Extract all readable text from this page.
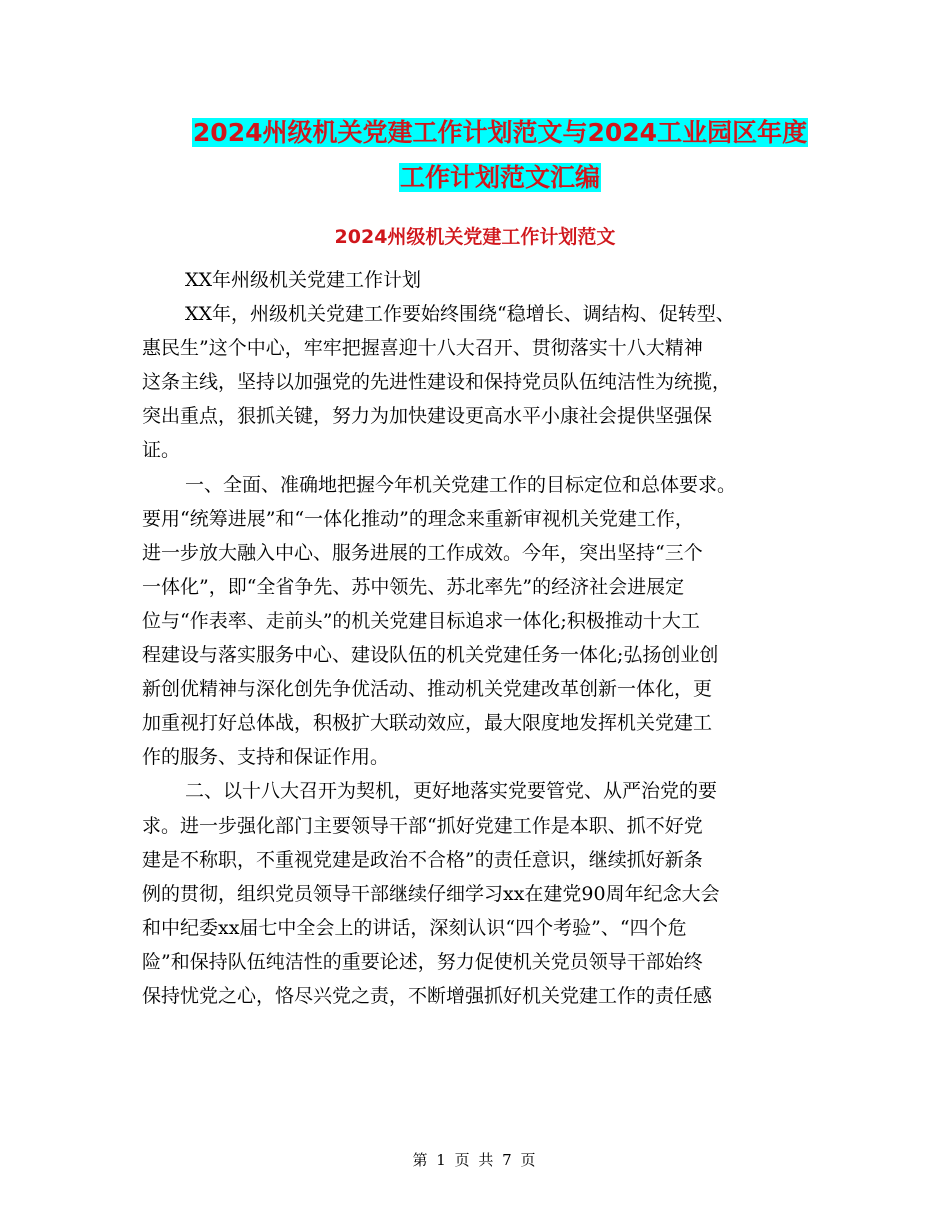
2024州级机关党建工作计划范文与2024工业园区年度
工作计划范文汇编
2024州级机关党建工作计划范文
XX年州级机关党建工作计划
XX年，州级机关党建工作要始终围绕“稳增长、调结构、促转型、
惠民生”这个中心，牢牢把握喜迎十八大召开、贯彻落实十八大精神
这条主线，坚持以加强党的先进性建设和保持党员队伍纯洁性为统揽，
突出重点，狠抓关键，努力为加快建设更高水平小康社会提供坚强保
证。
一、全面、准确地把握今年机关党建工作的目标定位和总体要求。
要用“统筹进展”和“一体化推动”的理念来重新审视机关党建工作，
进一步放大融入中心、服务进展的工作成效。今年，突出坚持“三个
一体化”，即“全省争先、苏中领先、苏北率先”的经济社会进展定
位与“作表率、走前头”的机关党建目标追求一体化;积极推动十大工
程建设与落实服务中心、建设队伍的机关党建任务一体化;弘扬创业创
新创优精神与深化创先争优活动、推动机关党建改革创新一体化，更
加重视打好总体战，积极扩大联动效应，最大限度地发挥机关党建工
作的服务、支持和保证作用。
二、以十八大召开为契机，更好地落实党要管党、从严治党的要
求。进一步强化部门主要领导干部“抓好党建工作是本职、抓不好党
建是不称职，不重视党建是政治不合格”的责任意识，继续抓好新条
例的贯彻，组织党员领导干部继续仔细学习xx在建党90周年纪念大会
和中纪委xx届七中全会上的讲话，深刻认识“四个考验”、“四个危
险”和保持队伍纯洁性的重要论述，努力促使机关党员领导干部始终
保持忧党之心，恪尽兴党之责，不断增强抓好机关党建工作的责任感
第 1 页 共 7 页
